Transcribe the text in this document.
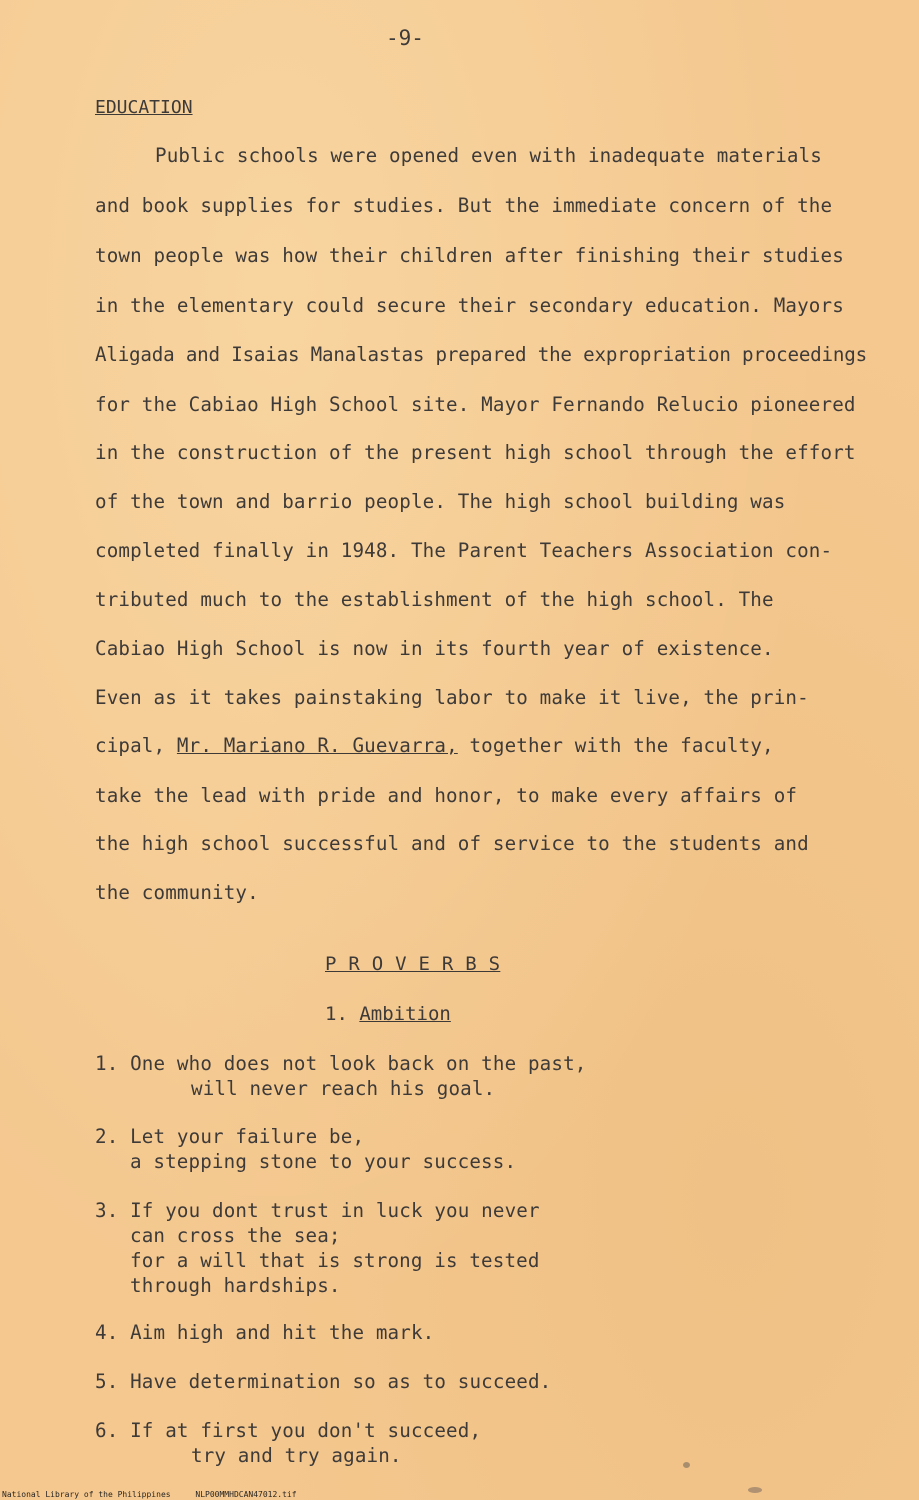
-9-
EDUCATION
Public schools were opened even with inadequate materials
and book supplies for studies. But the immediate concern of the
town people was how their children after finishing their studies
in the elementary could secure their secondary education. Mayors
Aligada and Isaias Manalastas prepared the expropriation proceedings
for the Cabiao High School site. Mayor Fernando Relucio pioneered
in the construction of the present high school through the effort
of the town and barrio people. The high school building was
completed finally in 1948. The Parent Teachers Association con-
tributed much to the establishment of the high school. The
Cabiao High School is now in its fourth year of existence.
Even as it takes painstaking labor to make it live, the prin-
cipal, Mr. Mariano R. Guevarra, together with the faculty,
take the lead with pride and honor, to make every affairs of
the high school successful and of service to the students and
the community.
P R O V E R B S
1. Ambition
1. One who does not look back on the past,
will never reach his goal.
2. Let your failure be,
a stepping stone to your success.
3. If you dont trust in luck you never
can cross the sea;
for a will that is strong is tested
through hardships.
4. Aim high and hit the mark.
5. Have determination so as to succeed.
6. If at first you don't succeed,
try and try again.
National Library of the Philippines	NLP00MMHDCAN47012.tif
